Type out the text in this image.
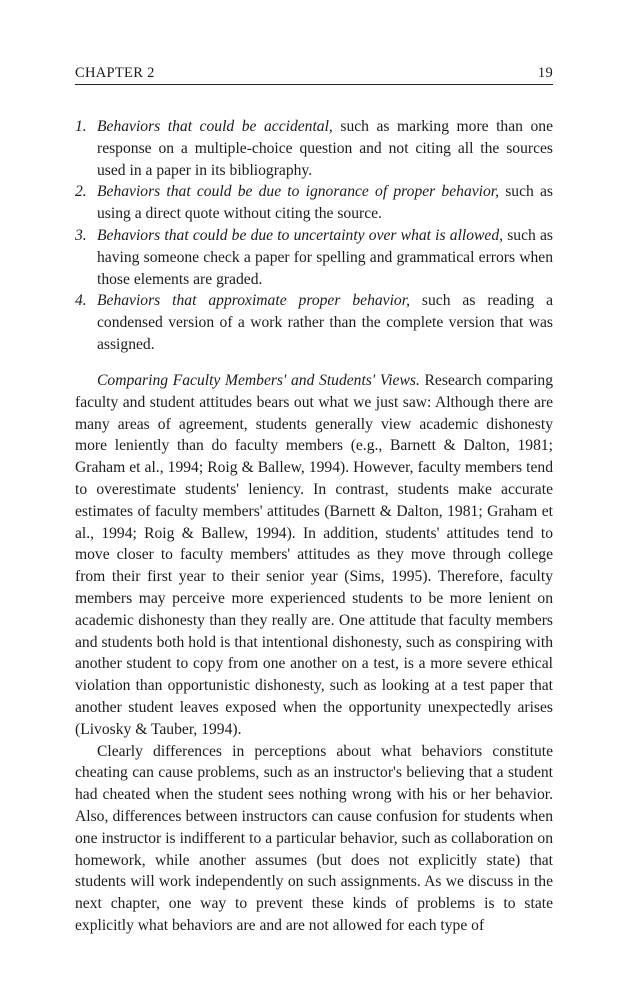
CHAPTER 2	19
1. Behaviors that could be accidental, such as marking more than one response on a multiple-choice question and not citing all the sources used in a paper in its bibliography.
2. Behaviors that could be due to ignorance of proper behavior, such as using a direct quote without citing the source.
3. Behaviors that could be due to uncertainty over what is allowed, such as having someone check a paper for spelling and grammatical errors when those elements are graded.
4. Behaviors that approximate proper behavior, such as reading a condensed version of a work rather than the complete version that was assigned.

Comparing Faculty Members' and Students' Views. Research comparing faculty and student attitudes bears out what we just saw: Although there are many areas of agreement, students generally view academic dishonesty more leniently than do faculty members (e.g., Barnett & Dalton, 1981; Graham et al., 1994; Roig & Ballew, 1994). However, faculty members tend to overestimate students' leniency. In contrast, students make accurate estimates of faculty members' attitudes (Barnett & Dalton, 1981; Graham et al., 1994; Roig & Ballew, 1994). In addition, students' attitudes tend to move closer to faculty members' attitudes as they move through college from their first year to their senior year (Sims, 1995). Therefore, faculty members may perceive more experienced students to be more lenient on academic dishonesty than they really are. One attitude that faculty members and students both hold is that intentional dishonesty, such as conspiring with another student to copy from one another on a test, is a more severe ethical violation than opportunistic dishonesty, such as looking at a test paper that another student leaves exposed when the opportunity unexpectedly arises (Livosky & Tauber, 1994).

Clearly differences in perceptions about what behaviors constitute cheating can cause problems, such as an instructor's believing that a student had cheated when the student sees nothing wrong with his or her behavior. Also, differences between instructors can cause confusion for students when one instructor is indifferent to a particular behavior, such as collaboration on homework, while another assumes (but does not explicitly state) that students will work independently on such assignments. As we discuss in the next chapter, one way to prevent these kinds of problems is to state explicitly what behaviors are and are not allowed for each type of
